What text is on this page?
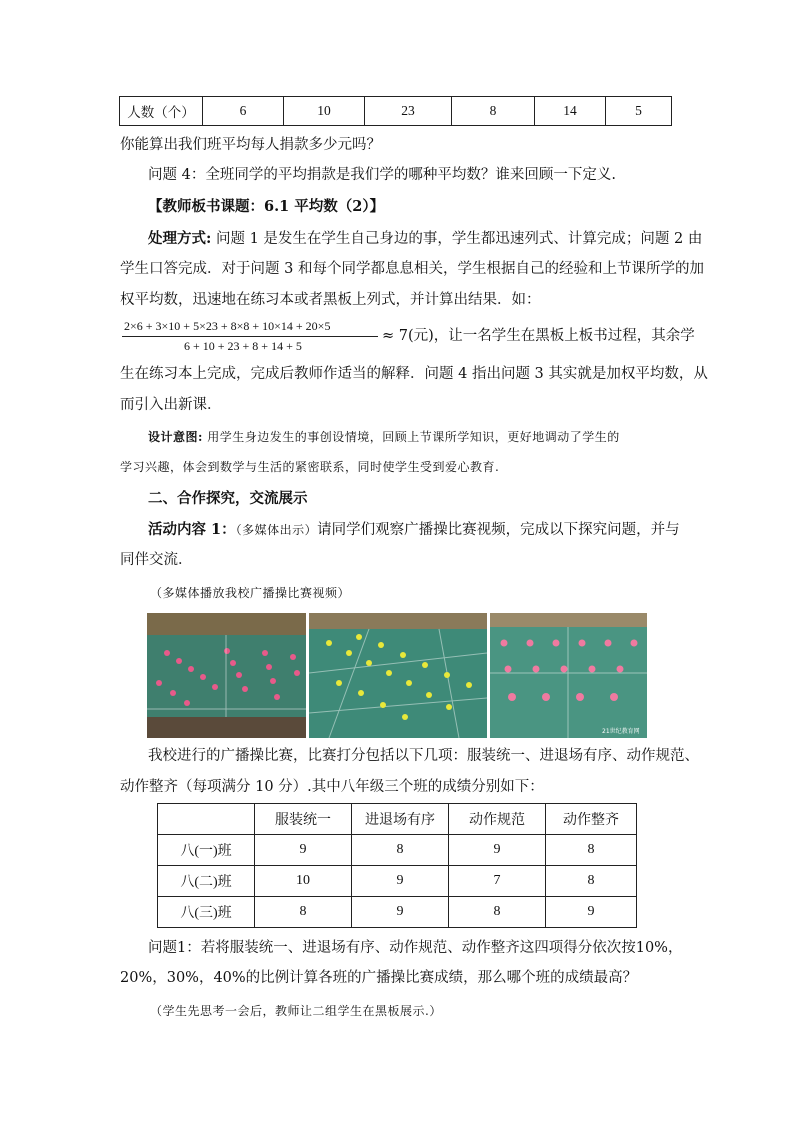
人数（个）	6	10	23	8	14	5
你能算出我们班平均每人捐款多少元吗？
问题 4：全班同学的平均捐款是我们学的哪种平均数？谁来回顾一下定义.
【教师板书课题：6.1 平均数（2）】
处理方式: 问题 1 是发生在学生自己身边的事，学生都迅速列式、计算完成；问题 2 由
学生口答完成．对于问题 3 和每个同学都息息相关，学生根据自己的经验和上节课所学的加
权平均数，迅速地在练习本或者黑板上列式，并计算出结果．如：
2×6 + 3×10 + 5×23 + 8×8 + 10×14 + 20×5
6 + 10 + 23 + 8 + 14 + 5
≈ 7(元)，让一名学生在黑板上板书过程，其余学
生在练习本上完成，完成后教师作适当的解释．问题 4 指出问题 3 其实就是加权平均数，从
而引入出新课．
设计意图: 用学生身边发生的事创设情境，回顾上节课所学知识，更好地调动了学生的
学习兴趣，体会到数学与生活的紧密联系，同时使学生受到爱心教育.
二、合作探究，交流展示
活动内容 1：（多媒体出示）请同学们观察广播操比赛视频，完成以下探究问题，并与
同伴交流．
（多媒体播放我校广播操比赛视频）
21世纪教育网
我校进行的广播操比赛，比赛打分包括以下几项：服装统一、进退场有序、动作规范、
动作整齐（每项满分 10 分）.其中八年级三个班的成绩分别如下：
	服装统一	进退场有序	动作规范	动作整齐
八(一)班	9	8	9	8
八(二)班	10	9	7	8
八(三)班	8	9	8	9
问题1：若将服装统一、进退场有序、动作规范、动作整齐这四项得分依次按10%，
20%，30%，40%的比例计算各班的广播操比赛成绩，那么哪个班的成绩最高？
（学生先思考一会后，教师让二组学生在黑板展示.）
